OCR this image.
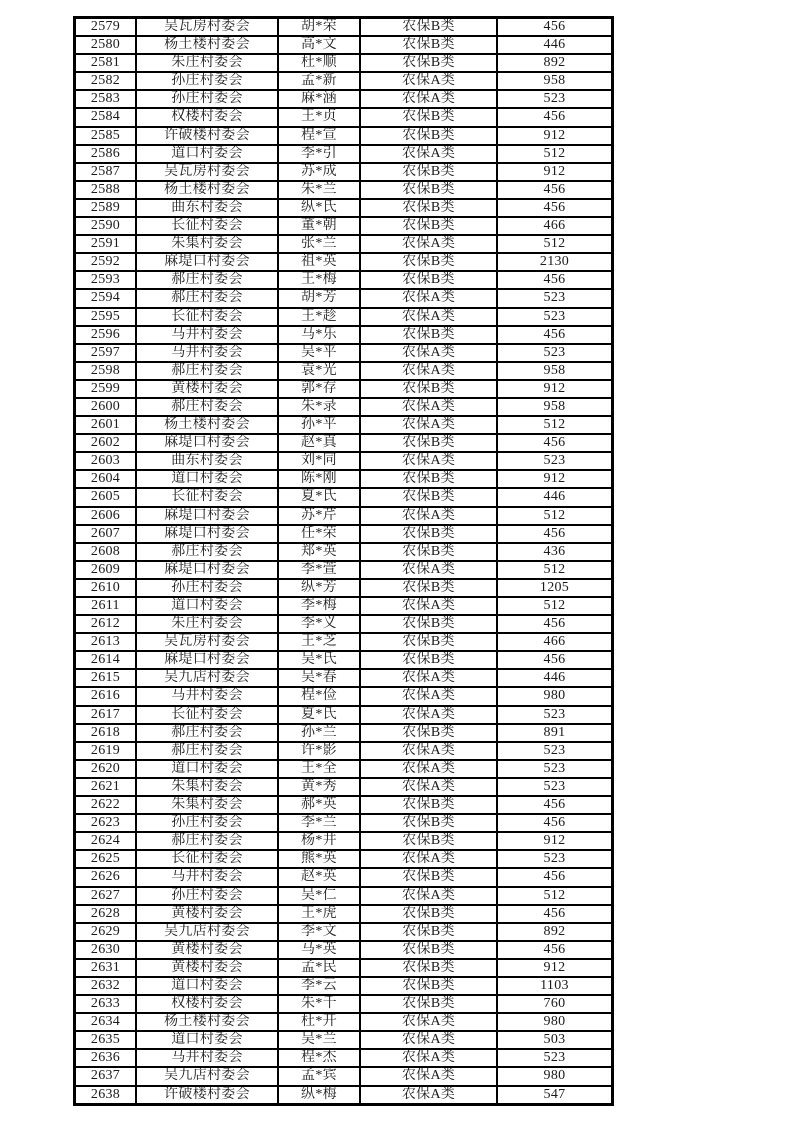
2579	吴瓦房村委会	胡*荣	农保B类	456
2580	杨土楼村委会	高*文	农保B类	446
2581	朱庄村委会	杜*顺	农保B类	892
2582	孙庄村委会	孟*新	农保A类	958
2583	孙庄村委会	麻*涵	农保A类	523
2584	权楼村委会	王*贞	农保B类	456
2585	许破楼村委会	程*宣	农保B类	912
2586	道口村委会	李*引	农保A类	512
2587	吴瓦房村委会	苏*成	农保B类	912
2588	杨土楼村委会	朱*兰	农保B类	456
2589	曲东村委会	纵*氏	农保B类	456
2590	长征村委会	董*朝	农保B类	466
2591	朱集村委会	张*兰	农保A类	512
2592	麻堤口村委会	祖*英	农保B类	2130
2593	郝庄村委会	王*梅	农保B类	456
2594	郝庄村委会	胡*芳	农保A类	523
2595	长征村委会	王*趁	农保A类	523
2596	马井村委会	马*乐	农保B类	456
2597	马井村委会	吴*平	农保A类	523
2598	郝庄村委会	袁*光	农保A类	958
2599	黄楼村委会	郭*存	农保B类	912
2600	郝庄村委会	朱*录	农保A类	958
2601	杨土楼村委会	孙*平	农保A类	512
2602	麻堤口村委会	赵*真	农保B类	456
2603	曲东村委会	刘*同	农保A类	523
2604	道口村委会	陈*刚	农保B类	912
2605	长征村委会	夏*氏	农保B类	446
2606	麻堤口村委会	苏*芹	农保A类	512
2607	麻堤口村委会	任*荣	农保B类	456
2608	郝庄村委会	郑*英	农保B类	436
2609	麻堤口村委会	李*萱	农保A类	512
2610	孙庄村委会	纵*芳	农保B类	1205
2611	道口村委会	李*梅	农保A类	512
2612	朱庄村委会	李*义	农保B类	456
2613	吴瓦房村委会	王*芝	农保B类	466
2614	麻堤口村委会	吴*氏	农保B类	456
2615	吴九店村委会	吴*春	农保A类	446
2616	马井村委会	程*俭	农保A类	980
2617	长征村委会	夏*氏	农保A类	523
2618	郝庄村委会	孙*兰	农保B类	891
2619	郝庄村委会	许*影	农保A类	523
2620	道口村委会	王*全	农保A类	523
2621	朱集村委会	黄*秀	农保A类	523
2622	朱集村委会	郝*英	农保B类	456
2623	孙庄村委会	李*兰	农保B类	456
2624	郝庄村委会	杨*井	农保B类	912
2625	长征村委会	熊*英	农保A类	523
2626	马井村委会	赵*英	农保B类	456
2627	孙庄村委会	吴*仁	农保A类	512
2628	黄楼村委会	王*虎	农保B类	456
2629	吴九店村委会	李*文	农保B类	892
2630	黄楼村委会	马*英	农保B类	456
2631	黄楼村委会	孟*民	农保B类	912
2632	道口村委会	李*云	农保B类	1103
2633	权楼村委会	朱*千	农保B类	760
2634	杨土楼村委会	杜*开	农保A类	980
2635	道口村委会	吴*兰	农保A类	503
2636	马井村委会	程*杰	农保A类	523
2637	吴九店村委会	孟*宾	农保A类	980
2638	许破楼村委会	纵*梅	农保A类	547
